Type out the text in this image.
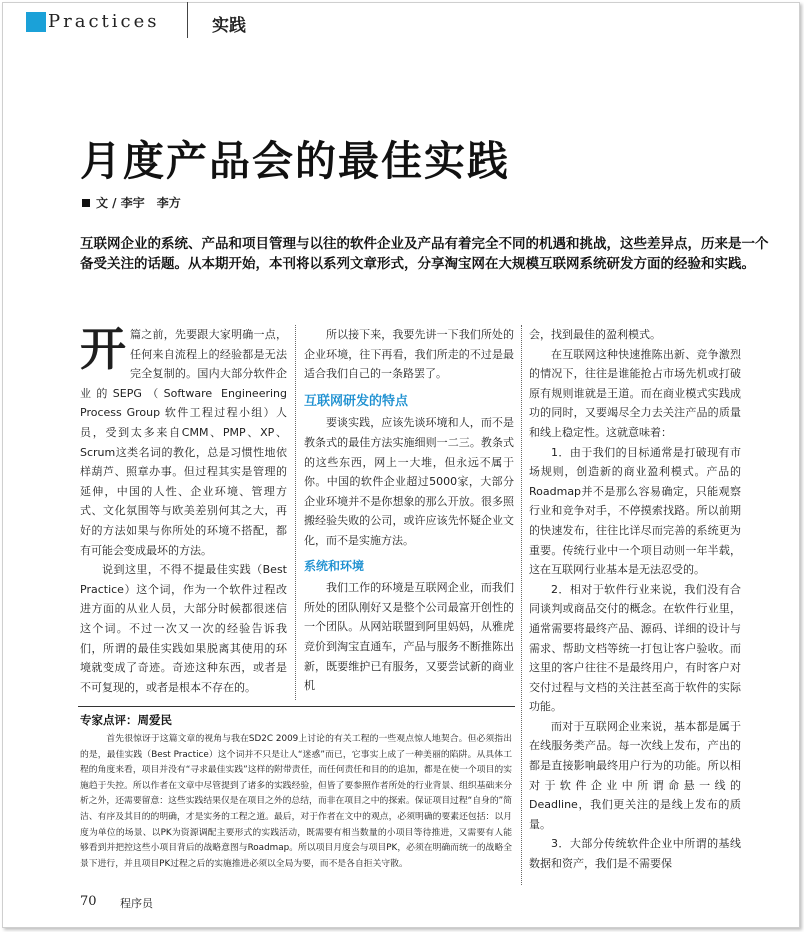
Practices	实践
月度产品会的最佳实践
文 / 李宇　李方
互联网企业的系统、产品和项目管理与以往的软件企业及产品有着完全不同的机遇和挑战，这些差异点，历来是一个备受关注的话题。从本期开始，本刊将以系列文章形式，分享淘宝网在大规模互联网系统研发方面的经验和实践。

开篇之前，先要跟大家明确一点，任何来自流程上的经验都是无法完全复制的。国内大部分软件企业的SEPG（Software Engineering Process Group 软件工程过程小组）人员，受到太多来自CMM、PMP、XP、Scrum这类名词的教化，总是习惯性地依样葫芦、照章办事。但过程其实是管理的延伸，中国的人性、企业环境、管理方式、文化氛围等与欧美差别何其之大，再好的方法如果与你所处的环境不搭配，都有可能会变成最坏的方法。

说到这里，不得不提最佳实践（Best Practice）这个词，作为一个软件过程改进方面的从业人员，大部分时候都很迷信这个词。不过一次又一次的经验告诉我们，所谓的最佳实践如果脱离其使用的环境就变成了奇迹。奇迹这种东西，或者是不可复现的，或者是根本不存在的。

所以接下来，我要先讲一下我们所处的企业环境，往下再看，我们所走的不过是最适合我们自己的一条路罢了。

互联网研发的特点

要谈实践，应该先谈环境和人，而不是教条式的最佳方法实施细则一二三。教条式的这些东西，网上一大堆，但永远不属于你。中国的软件企业超过5000家，大部分企业环境并不是你想象的那么开放。很多照搬经验失败的公司，或许应该先怀疑企业文化，而不是实施方法。

系统和环境

我们工作的环境是互联网企业，而我们所处的团队刚好又是整个公司最富开创性的一个团队。从网站联盟到阿里妈妈，从雅虎竞价到淘宝直通车，产品与服务不断推陈出新，既要维护已有服务，又要尝试新的商业机

会，找到最佳的盈利模式。

在互联网这种快速推陈出新、竞争激烈的情况下，往往是谁能抢占市场先机或打破原有规则谁就是王道。而在商业模式实践成功的同时，又要竭尽全力去关注产品的质量和线上稳定性。这就意味着：

1．由于我们的目标通常是打破现有市场规则，创造新的商业盈利模式。产品的Roadmap并不是那么容易确定，只能观察行业和竞争对手，不停摸索找路。所以前期的快速发布，往往比详尽而完善的系统更为重要。传统行业中一个项目动则一年半载，这在互联网行业基本是无法忍受的。

2．相对于软件行业来说，我们没有合同谈判或商品交付的概念。在软件行业里，通常需要将最终产品、源码、详细的设计与需求、帮助文档等统一打包让客户验收。而这里的客户往往不是最终用户，有时客户对交付过程与文档的关注甚至高于软件的实际功能。

而对于互联网企业来说，基本都是属于在线服务类产品。每一次线上发布，产出的都是直接影响最终用户行为的功能。所以相对于软件企业中所谓命悬一线的Deadline，我们更关注的是线上发布的质量。

3．大部分传统软件企业中所谓的基线数据和资产，我们是不需要保

专家点评：周爱民
首先很惊讶于这篇文章的视角与我在SD2C 2009上讨论的有关工程的一些观点惊人地契合。但必须指出的是，最佳实践（Best Practice）这个词并不只是让人“迷惑”而已，它事实上成了一种美丽的陷阱。从具体工程的角度来看，项目并没有“寻求最佳实践”这样的附带责任，而任何责任和目的的追加，都是在使一个项目的实施趋于失控。所以作者在文章中尽管提到了诸多的实践经验，但皆了要参照作者所处的行业背景、组织基础来分析之外，还需要留意：这些实践结果仅是在项目之外的总结，而非在项目之中的探索。保证项目过程“自身的”简洁、有序及其目的的明确，才是实务的工程之道。最后，对于作者在文中的观点，必须明确的要素还包括：以月度为单位的场景、以PK为资源调配主要形式的实践活动，既需要有相当数量的小项目等待推进，又需要有人能够看到并把控这些小项目背后的战略意图与Roadmap。所以项目月度会与项目PK，必须在明确而统一的战略全景下进行，并且项目PK过程之后的实施推进必须以全局为要，而不是各自拒关守散。
70 程序员
